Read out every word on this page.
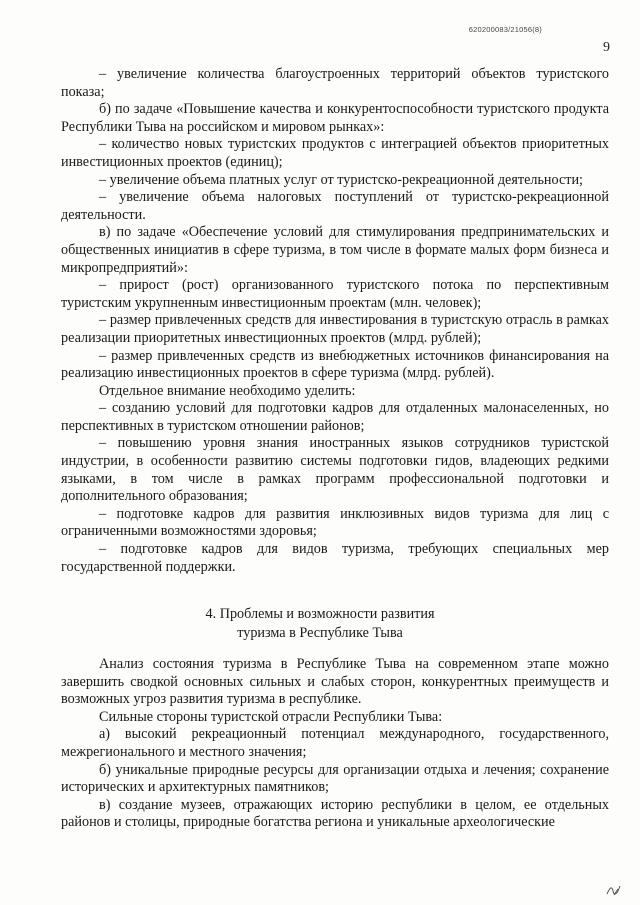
620200083/21056(8)
9

– увеличение количества благоустроенных территорий объектов туристского показа;

б) по задаче «Повышение качества и конкурентоспособности туристского продукта Республики Тыва на российском и мировом рынках»:

– количество новых туристских продуктов с интеграцией объектов приоритетных инвестиционных проектов (единиц);

– увеличение объема платных услуг от туристско-рекреационной деятельности;

– увеличение объема налоговых поступлений от туристско-рекреационной деятельности.

в) по задаче «Обеспечение условий для стимулирования предпринимательских и общественных инициатив в сфере туризма, в том числе в формате малых форм бизнеса и микропредприятий»:

– прирост (рост) организованного туристского потока по перспективным туристским укрупненным инвестиционным проектам (млн. человек);

– размер привлеченных средств для инвестирования в туристскую отрасль в рамках реализации приоритетных инвестиционных проектов (млрд. рублей);

– размер привлеченных средств из внебюджетных источников финансирования на реализацию инвестиционных проектов в сфере туризма (млрд. рублей).

Отдельное внимание необходимо уделить:

– созданию условий для подготовки кадров для отдаленных малонаселенных, но перспективных в туристском отношении районов;

– повышению уровня знания иностранных языков сотрудников туристской индустрии, в особенности развитию системы подготовки гидов, владеющих редкими языками, в том числе в рамках программ профессиональной подготовки и дополнительного образования;

– подготовке кадров для развития инклюзивных видов туризма для лиц с ограниченными возможностями здоровья;

– подготовке кадров для видов туризма, требующих специальных мер государственной поддержки.

4. Проблемы и возможности развития
туризма в Республике Тыва

Анализ состояния туризма в Республике Тыва на современном этапе можно завершить сводкой основных сильных и слабых сторон, конкурентных преимуществ и возможных угроз развития туризма в республике.

Сильные стороны туристской отрасли Республики Тыва:

а) высокий рекреационный потенциал международного, государственного, межрегионального и местного значения;

б) уникальные природные ресурсы для организации отдыха и лечения; сохранение исторических и архитектурных памятников;

в) создание музеев, отражающих историю республики в целом, ее отдельных районов и столицы, природные богатства региона и уникальные археологические
